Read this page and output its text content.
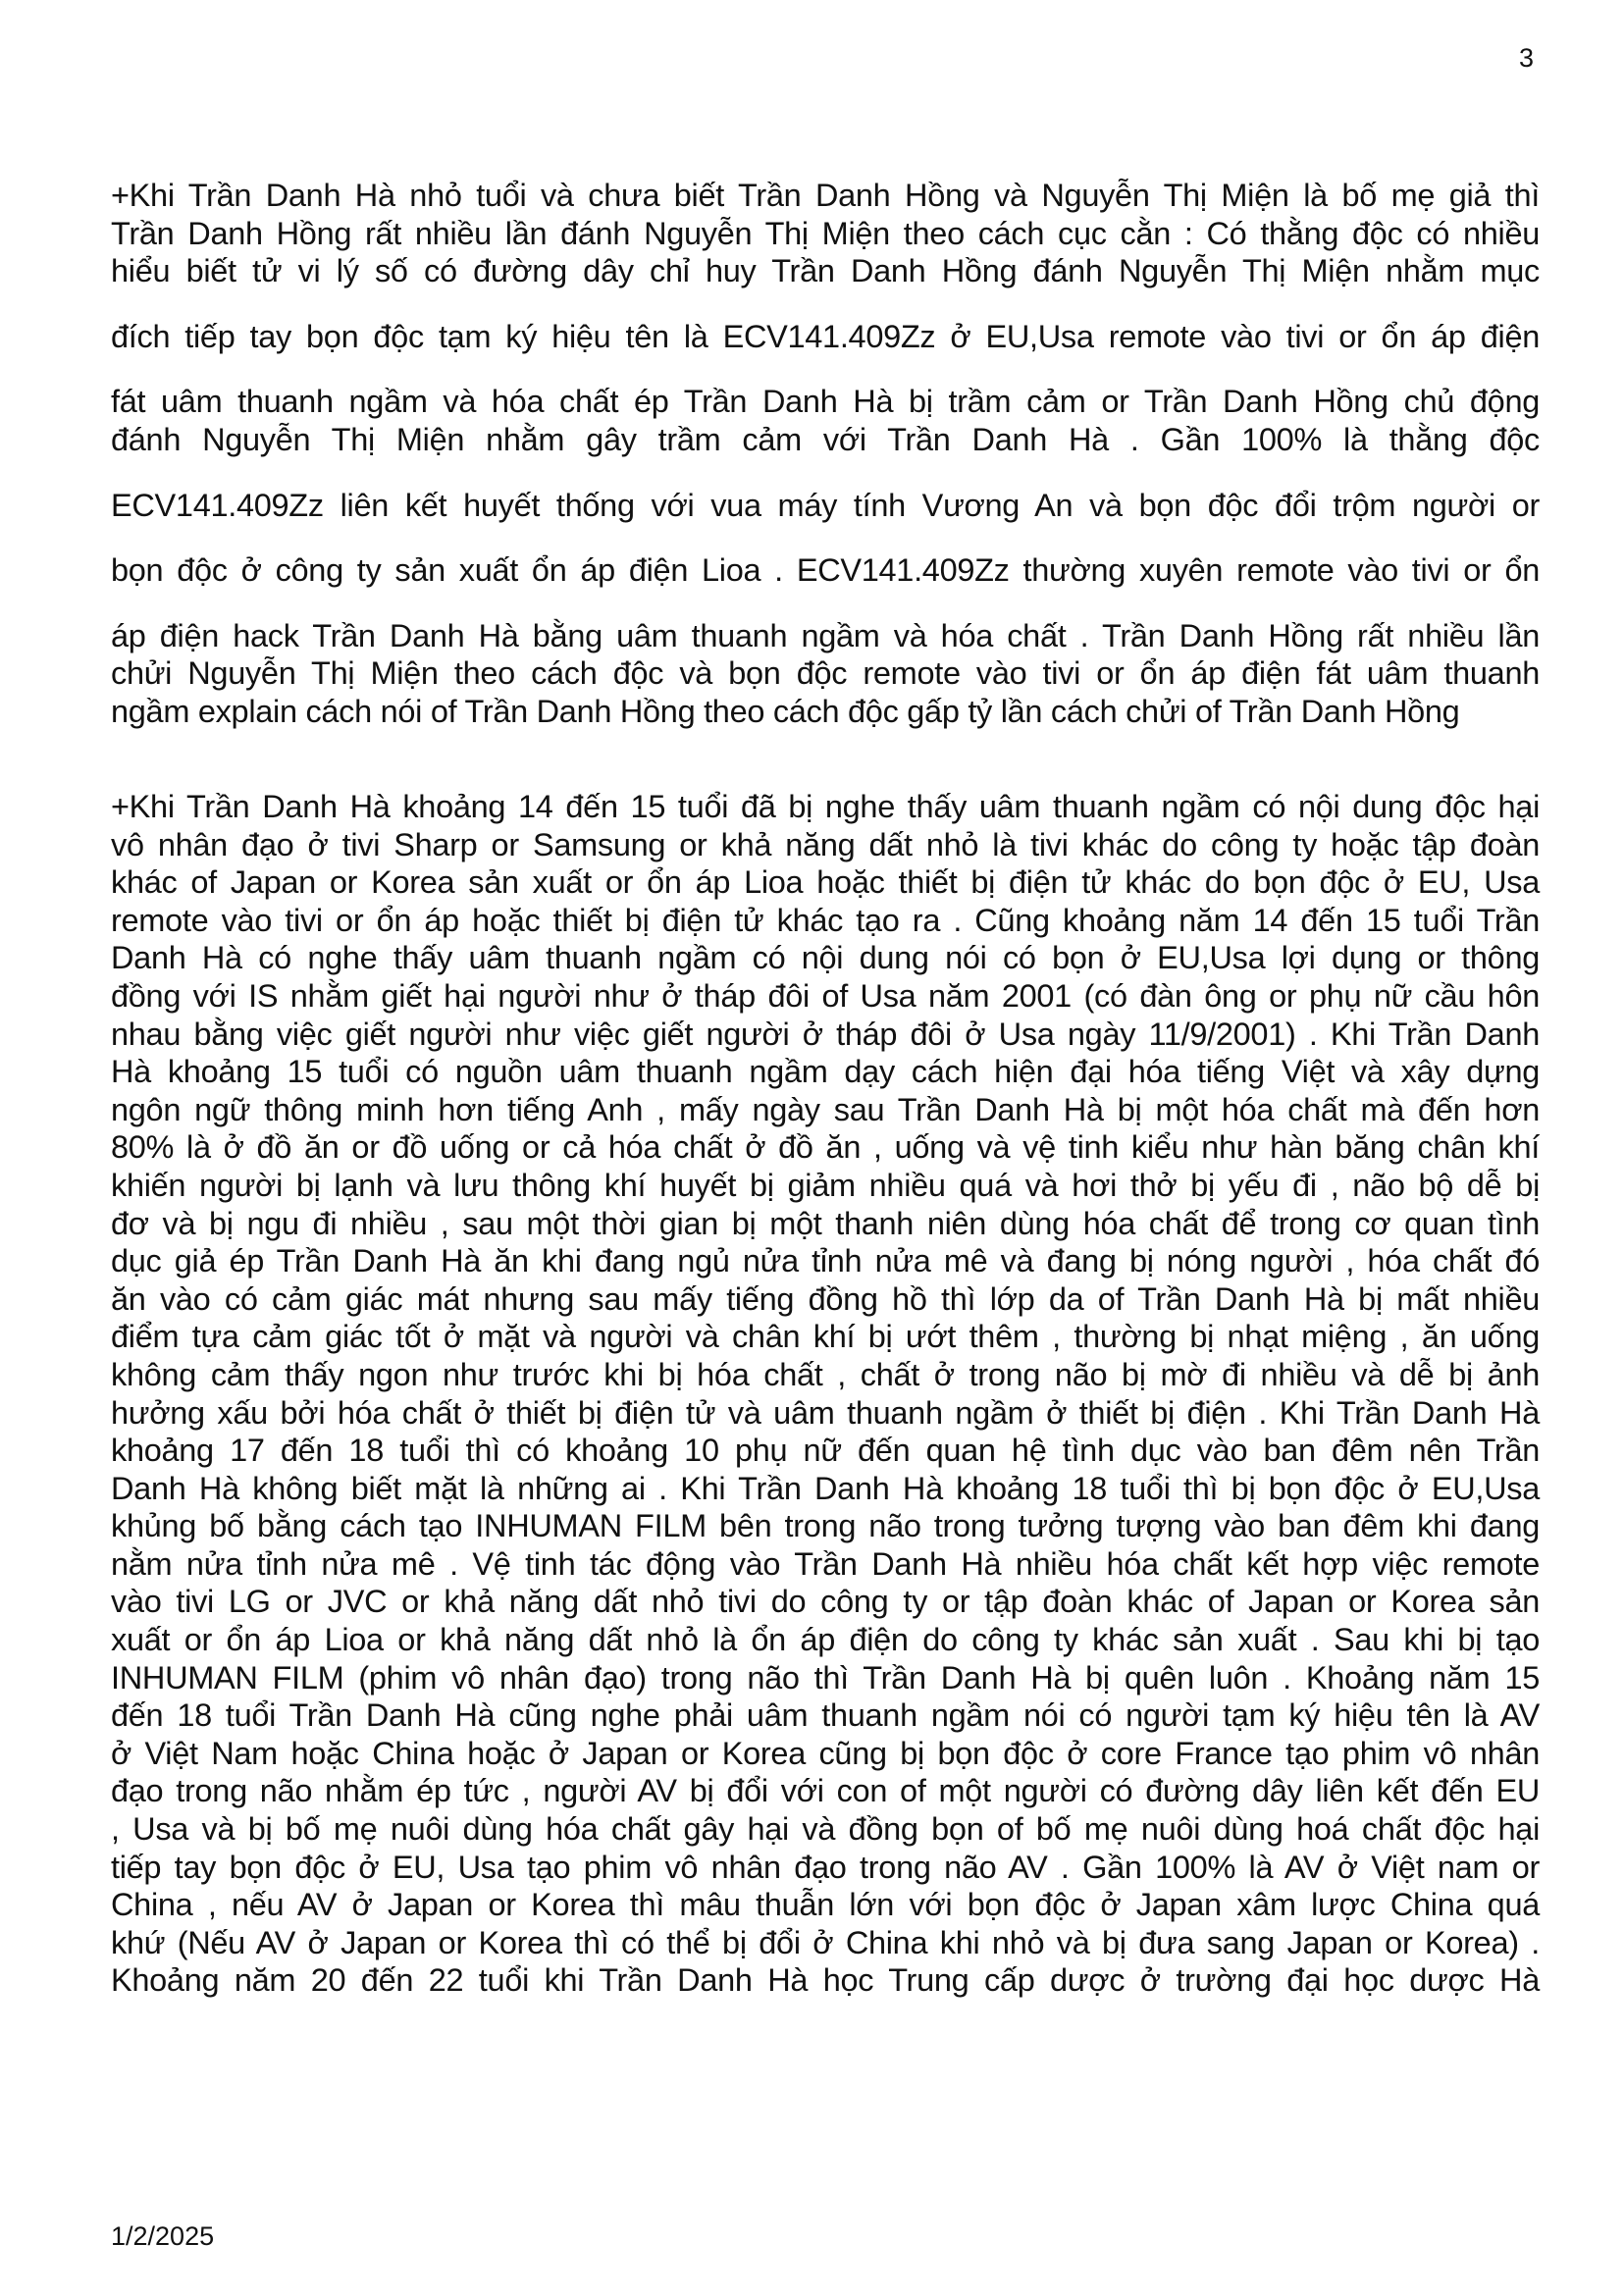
3
+Khi Trần Danh Hà nhỏ tuổi và chưa biết Trần Danh Hồng và Nguyễn Thị Miện là bố mẹ giả thì
Trần Danh Hồng rất nhiều lần đánh Nguyễn Thị Miện theo cách cục cằn : Có thằng độc có nhiều
hiểu biết tử vi lý số có đường dây chỉ huy Trần Danh Hồng đánh Nguyễn Thị Miện nhằm mục
đích tiếp tay bọn độc tạm ký hiệu tên là ECV141.409Zz ở EU,Usa remote vào tivi or ổn áp điện
fát uâm thuanh ngầm và hóa chất ép Trần Danh Hà bị trầm cảm or Trần Danh Hồng chủ động
đánh Nguyễn Thị Miện nhằm gây trầm cảm với Trần Danh Hà . Gần 100% là thằng độc
ECV141.409Zz liên kết huyết thống với vua máy tính Vương An và bọn độc đổi trộm người or
bọn độc ở công ty sản xuất ổn áp điện Lioa . ECV141.409Zz thường xuyên remote vào tivi or ổn
áp điện hack Trần Danh Hà bằng uâm thuanh ngầm và hóa chất . Trần Danh Hồng rất nhiều lần
chửi Nguyễn Thị Miện theo cách độc và bọn độc remote vào tivi or ổn áp điện fát uâm thuanh
ngầm explain cách nói of Trần Danh Hồng theo cách độc gấp tỷ lần cách chửi of Trần Danh Hồng
+Khi Trần Danh Hà khoảng 14 đến 15 tuổi đã bị nghe thấy uâm thuanh ngầm có nội dung độc hại
vô nhân đạo ở tivi Sharp or Samsung or khả năng dất nhỏ là tivi khác do công ty hoặc tập đoàn
khác of Japan or Korea sản xuất or ổn áp Lioa hoặc thiết bị điện tử khác do bọn độc ở EU, Usa
remote vào tivi or ổn áp hoặc thiết bị điện tử khác tạo ra . Cũng khoảng năm 14 đến 15 tuổi Trần
Danh Hà có nghe thấy uâm thuanh ngầm có nội dung nói có bọn ở EU,Usa lợi dụng or thông
đồng với IS nhằm giết hại người như ở tháp đôi of Usa năm 2001 (có đàn ông or phụ nữ cầu hôn
nhau bằng việc giết người như việc giết người ở tháp đôi ở Usa ngày 11/9/2001) . Khi Trần Danh
Hà khoảng 15 tuổi có nguồn uâm thuanh ngầm dạy cách hiện đại hóa tiếng Việt và xây dựng
ngôn ngữ thông minh hơn tiếng Anh , mấy ngày sau Trần Danh Hà bị một hóa chất mà đến hơn
80% là ở đồ ăn or đồ uống or cả hóa chất ở đồ ăn , uống và vệ tinh kiểu như hàn băng chân khí
khiến người bị lạnh và lưu thông khí huyết bị giảm nhiều quá và hơi thở bị yếu đi , não bộ dễ bị
đơ và bị ngu đi nhiều , sau một thời gian bị một thanh niên dùng hóa chất để trong cơ quan tình
dục giả ép Trần Danh Hà ăn khi đang ngủ nửa tỉnh nửa mê và đang bị nóng người , hóa chất đó
ăn vào có cảm giác mát nhưng sau mấy tiếng đồng hồ thì lớp da of Trần Danh Hà bị mất nhiều
điểm tựa cảm giác tốt ở mặt và người và chân khí bị ướt thêm , thường bị nhạt miệng , ăn uống
không cảm thấy ngon như trước khi bị hóa chất , chất ở trong não bị mờ đi nhiều và dễ bị ảnh
hưởng xấu bởi hóa chất ở thiết bị điện tử và uâm thuanh ngầm ở thiết bị điện . Khi Trần Danh Hà
khoảng 17 đến 18 tuổi thì có khoảng 10 phụ nữ đến quan hệ tình dục vào ban đêm nên Trần
Danh Hà không biết mặt là những ai . Khi Trần Danh Hà khoảng 18 tuổi thì bị bọn độc ở EU,Usa
khủng bố bằng cách tạo INHUMAN FILM bên trong não trong tưởng tượng vào ban đêm khi đang
nằm nửa tỉnh nửa mê . Vệ tinh tác động vào Trần Danh Hà nhiều hóa chất kết hợp việc remote
vào tivi LG or JVC or khả năng dất nhỏ tivi do công ty or tập đoàn khác of Japan or Korea sản
xuất or ổn áp Lioa or khả năng dất nhỏ là ổn áp điện do công ty khác sản xuất . Sau khi bị tạo
INHUMAN FILM (phim vô nhân đạo) trong não thì Trần Danh Hà bị quên luôn . Khoảng năm 15
đến 18 tuổi Trần Danh Hà cũng nghe phải uâm thuanh ngầm nói có người tạm ký hiệu tên là AV
ở Việt Nam hoặc China hoặc ở Japan or Korea cũng bị bọn độc ở core France tạo phim vô nhân
đạo trong não nhằm ép tức , người AV bị đổi với con of một người có đường dây liên kết đến EU
, Usa và bị bố mẹ nuôi dùng hóa chất gây hại và đồng bọn of bố mẹ nuôi dùng hoá chất độc hại
tiếp tay bọn độc ở EU, Usa tạo phim vô nhân đạo trong não AV . Gần 100% là AV ở Việt nam or
China , nếu AV ở Japan or Korea thì mâu thuẫn lớn với bọn độc ở Japan xâm lược China quá
khứ (Nếu AV ở Japan or Korea thì có thể bị đổi ở China khi nhỏ và bị đưa sang Japan or Korea) .
Khoảng năm 20 đến 22 tuổi khi Trần Danh Hà học Trung cấp dược ở trường đại học dược Hà
1/2/2025
